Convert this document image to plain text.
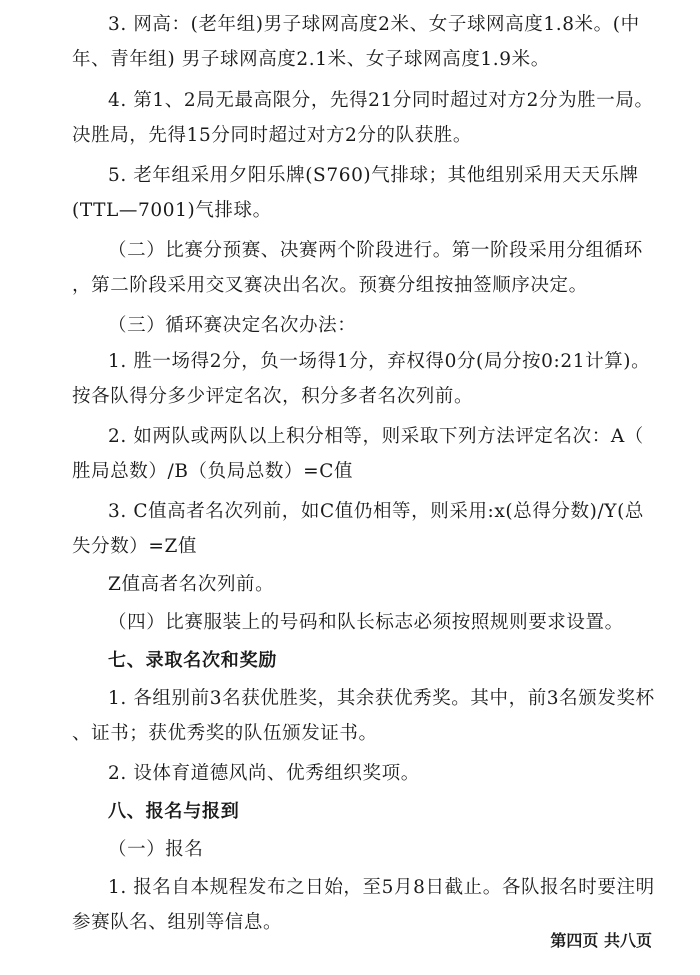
3. 网高：(老年组)男子球网高度2米、女子球网高度1.8米。(中
年、青年组) 男子球网高度2.1米、女子球网高度1.9米。
4. 第1、2局无最高限分，先得21分同时超过对方2分为胜一局。
决胜局，先得15分同时超过对方2分的队获胜。
5. 老年组采用夕阳乐牌(S760)气排球；其他组别采用天天乐牌
(TTL—7001)气排球。
（二）比赛分预赛、决赛两个阶段进行。第一阶段采用分组循环
，第二阶段采用交叉赛决出名次。预赛分组按抽签顺序决定。
（三）循环赛决定名次办法：
1. 胜一场得2分，负一场得1分，弃权得0分(局分按0:21计算)。
按各队得分多少评定名次，积分多者名次列前。
2. 如两队或两队以上积分相等，则采取下列方法评定名次：A（
胜局总数）/B（负局总数）=C值
3. C值高者名次列前，如C值仍相等，则采用:x(总得分数)/Y(总
失分数）=Z值
Z值高者名次列前。
（四）比赛服装上的号码和队长标志必须按照规则要求设置。
七、录取名次和奖励
1. 各组别前3名获优胜奖，其余获优秀奖。其中，前3名颁发奖杯
、证书；获优秀奖的队伍颁发证书。
2. 设体育道德风尚、优秀组织奖项。
八、报名与报到
（一）报名
1. 报名自本规程发布之日始，至5月8日截止。各队报名时要注明
参赛队名、组别等信息。
第四页 共八页
